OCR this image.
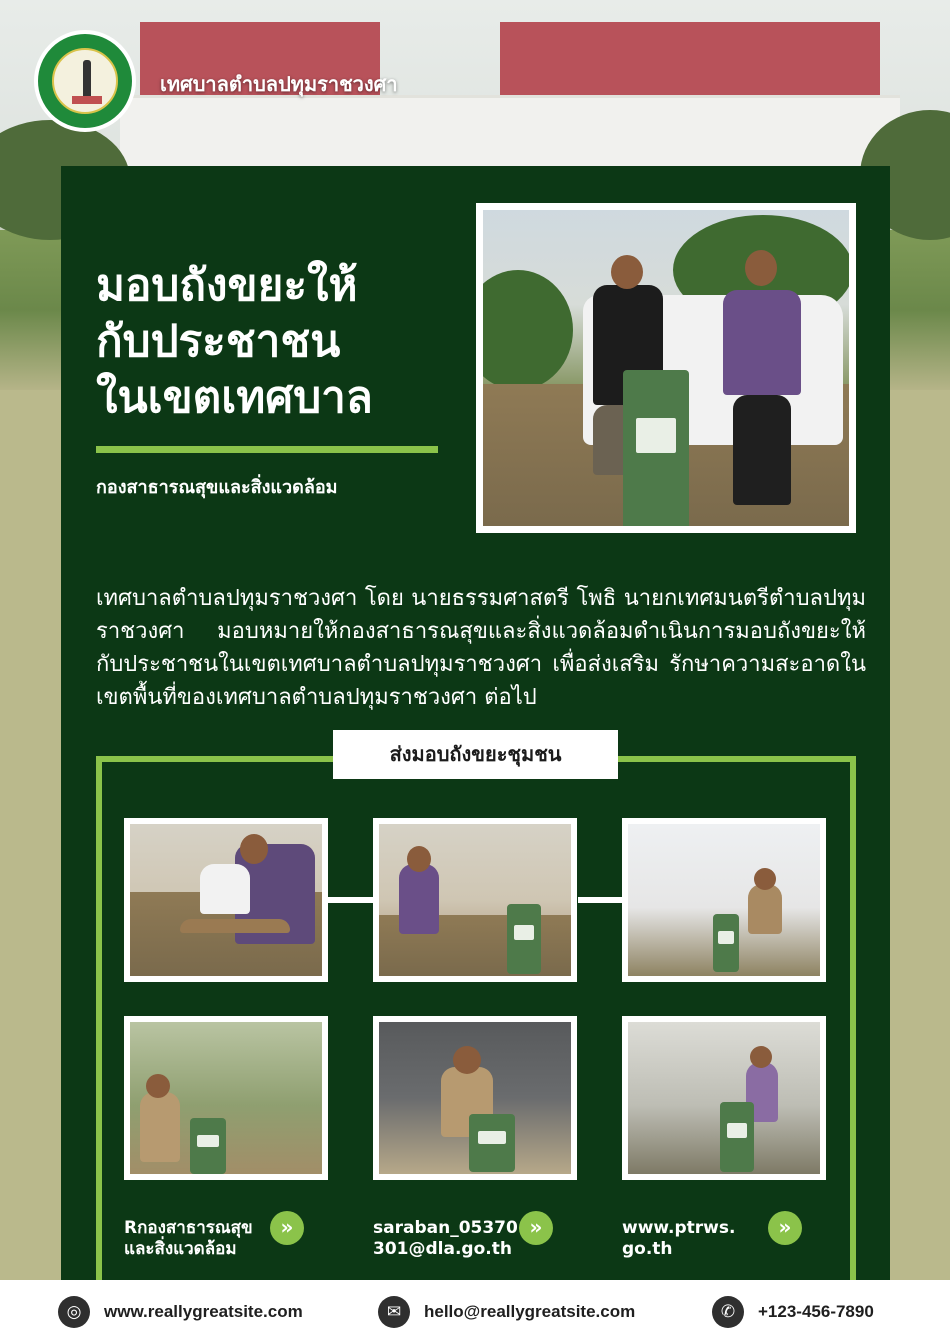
เทศบาลตำบลปทุมราชวงศา
มอบถังขยะให้
กับประชาชน
ในเขตเทศบาล
กองสาธารณสุขและสิ่งแวดล้อม
เทศบาลตำบลปทุมราชวงศา โดย นายธรรมศาสตรี โพธิ นายกเทศมนตรีตำบลปทุมราชวงศา มอบหมายให้กองสาธารณสุขและสิ่งแวดล้อมดำเนินการมอบถังขยะให้กับประชาชนในเขตเทศบาลตำบลปทุมราชวงศา เพื่อส่งเสริม รักษาความสะอาดในเขตพื้นที่ของเทศบาลตำบลปทุมราชวงศา ต่อไป
ส่งมอบถังขยะชุมชน
Rกองสาธารณสุข
และสิ่งแวดล้อม
»	saraban_05370
301@dla.go.th
»	www.ptrws.
go.th
»
◎	www.reallygreatsite.com	✉	hello@reallygreatsite.com	✆	+123-456-7890
